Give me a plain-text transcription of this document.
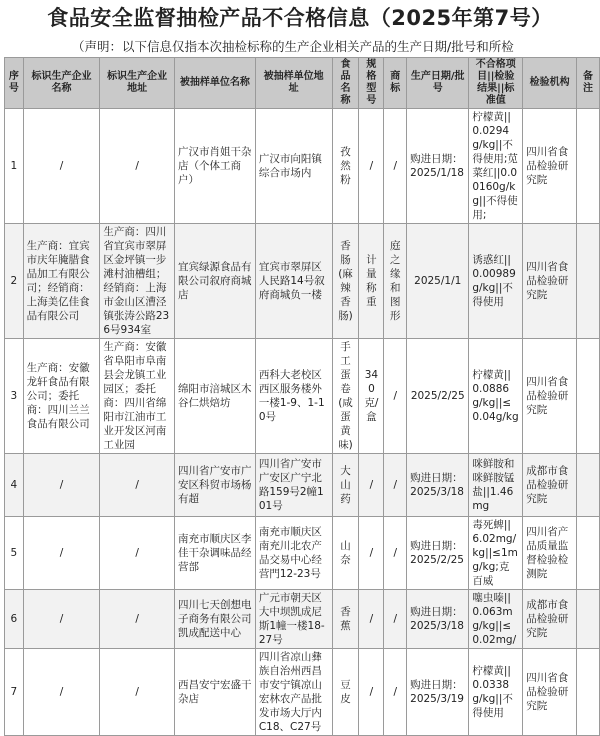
食品安全监督抽检产品不合格信息（2025年第7号）
（声明：以下信息仅指本次抽检标称的生产企业相关产品的生产日期/批号和所检
序号	标识生产企业名称	标识生产企业地址	被抽样单位名称	被抽样单位地址	食品名称	规格型号	商标	生产日期/批号	不合格项目||检验结果||标准值	检验机构	备注
1	/	/	广汉市肖姐干杂店（个体工商户）	广汉市向阳镇综合市场内	孜然粉	/	/	购进日期：2025/1/18	柠檬黄||0.0294g/kg||不得使用;苋菜红||0.00160g/kg||不得使用;	四川省食品检验研究院	
2	生产商：宜宾市庆年腌腊食品加工有限公司；经销商：上海美亿佳食品有限公司	生产商：四川省宜宾市翠屏区金坪镇一步滩村油槽组；经销商：上海市金山区漕泾镇张涛公路236号934室	宜宾绿源食品有限公司叙府商城店	宜宾市翠屏区人民路14号叙府商城负一楼	香肠(麻辣香肠)	计量称重	庭之缘和图形	2025/1/1	诱惑红||0.00989g/kg||不得使用	四川省食品检验研究院	
3	生产商：安徽龙轩食品有限公司；委托商：四川兰兰食品有限公司	生产商：安徽省阜阳市阜南县会龙镇工业园区；委托商：四川省绵阳市江油市工业开发区河南工业园	绵阳市涪城区木谷仁烘焙坊	西科大老校区西区服务楼外一楼1-9、1-10号	手工蛋卷(咸蛋黄味)	340克/盒	/	2025/2/25	柠檬黄||0.0886g/kg||≤0.04g/kg	四川省食品检验研究院	
4	/	/	四川省广安市广安区科贸市场杨有超	四川省广安市广安区广宁北路159号2幢101号	大山药	/	/	购进日期：2025/3/18	咪鲜胺和咪鲜胺锰盐||1.46mg	成都市食品检验研究院	
5	/	/	南充市顺庆区李佳干杂调味品经营部	南充市顺庆区南充川北农产品交易中心经营門12-23号	山奈	/	/	购进日期：2025/2/25	毒死蜱||6.02mg/kg||≤1mg/kg;克百威	四川省产品质量监督检验检测院	
6	/	/	四川七天创想电子商务有限公司凯成配送中心	广元市朝天区大中坝凯成尼斯1幢一楼18-27号	香蕉	/	/	购进日期：2025/3/18	噻虫嗪||0.063mg/kg||≤0.02mg/	成都市食品检验研究院	
7	/	/	西昌安宁宏盛干杂店	四川省凉山彝族自治州西昌市安宁镇凉山宏林农产品批发市场大厅内C18、C27号	豆皮	/	/	购进日期：2025/3/19	柠檬黄||0.0338g/kg||不得使用	四川省食品检验研究院	
